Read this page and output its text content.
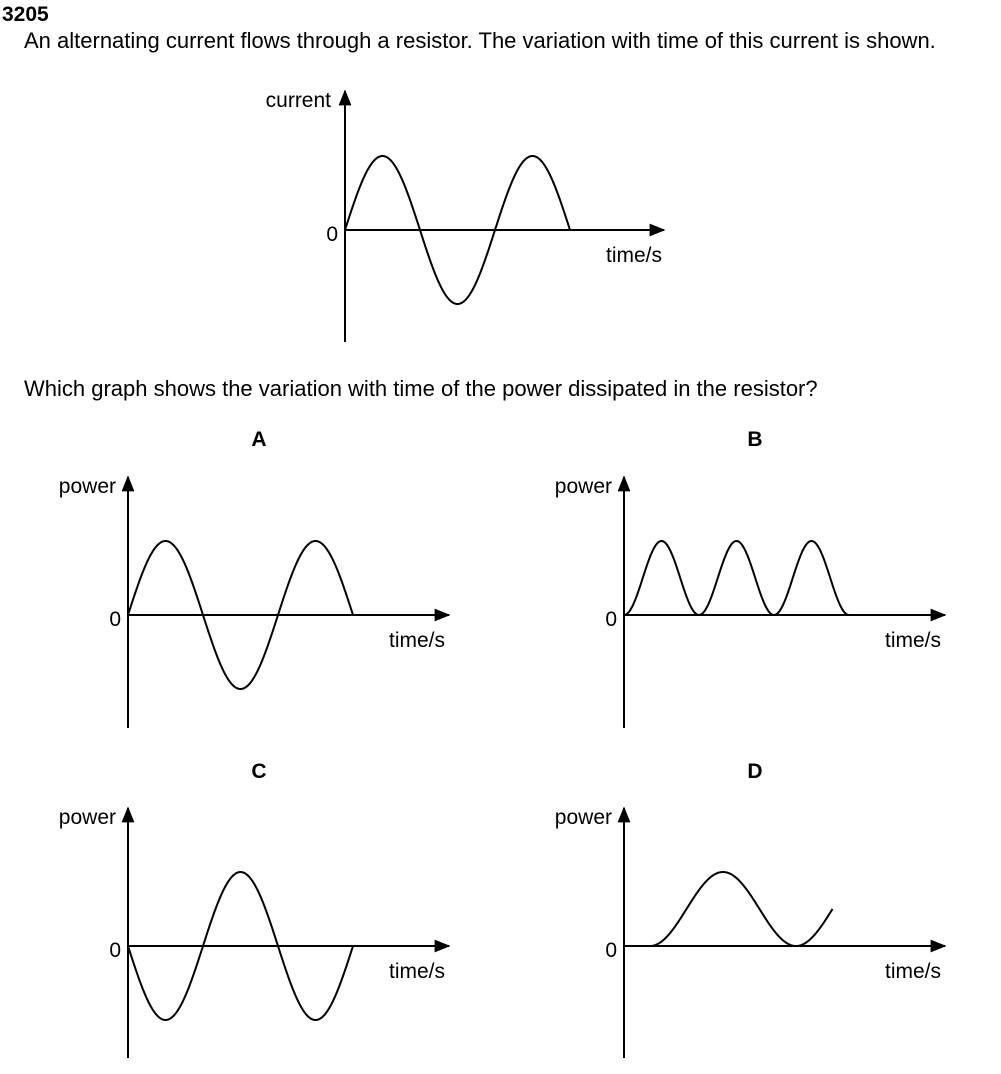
3205
An alternating current flows through a resistor. The variation with time of this current is shown.
Which graph shows the variation with time of the power dissipated in the resistor?
A	B
C	D
current
0
time/s
power
0
time/s
power
0
time/s
power
0
time/s
power
0
time/s
